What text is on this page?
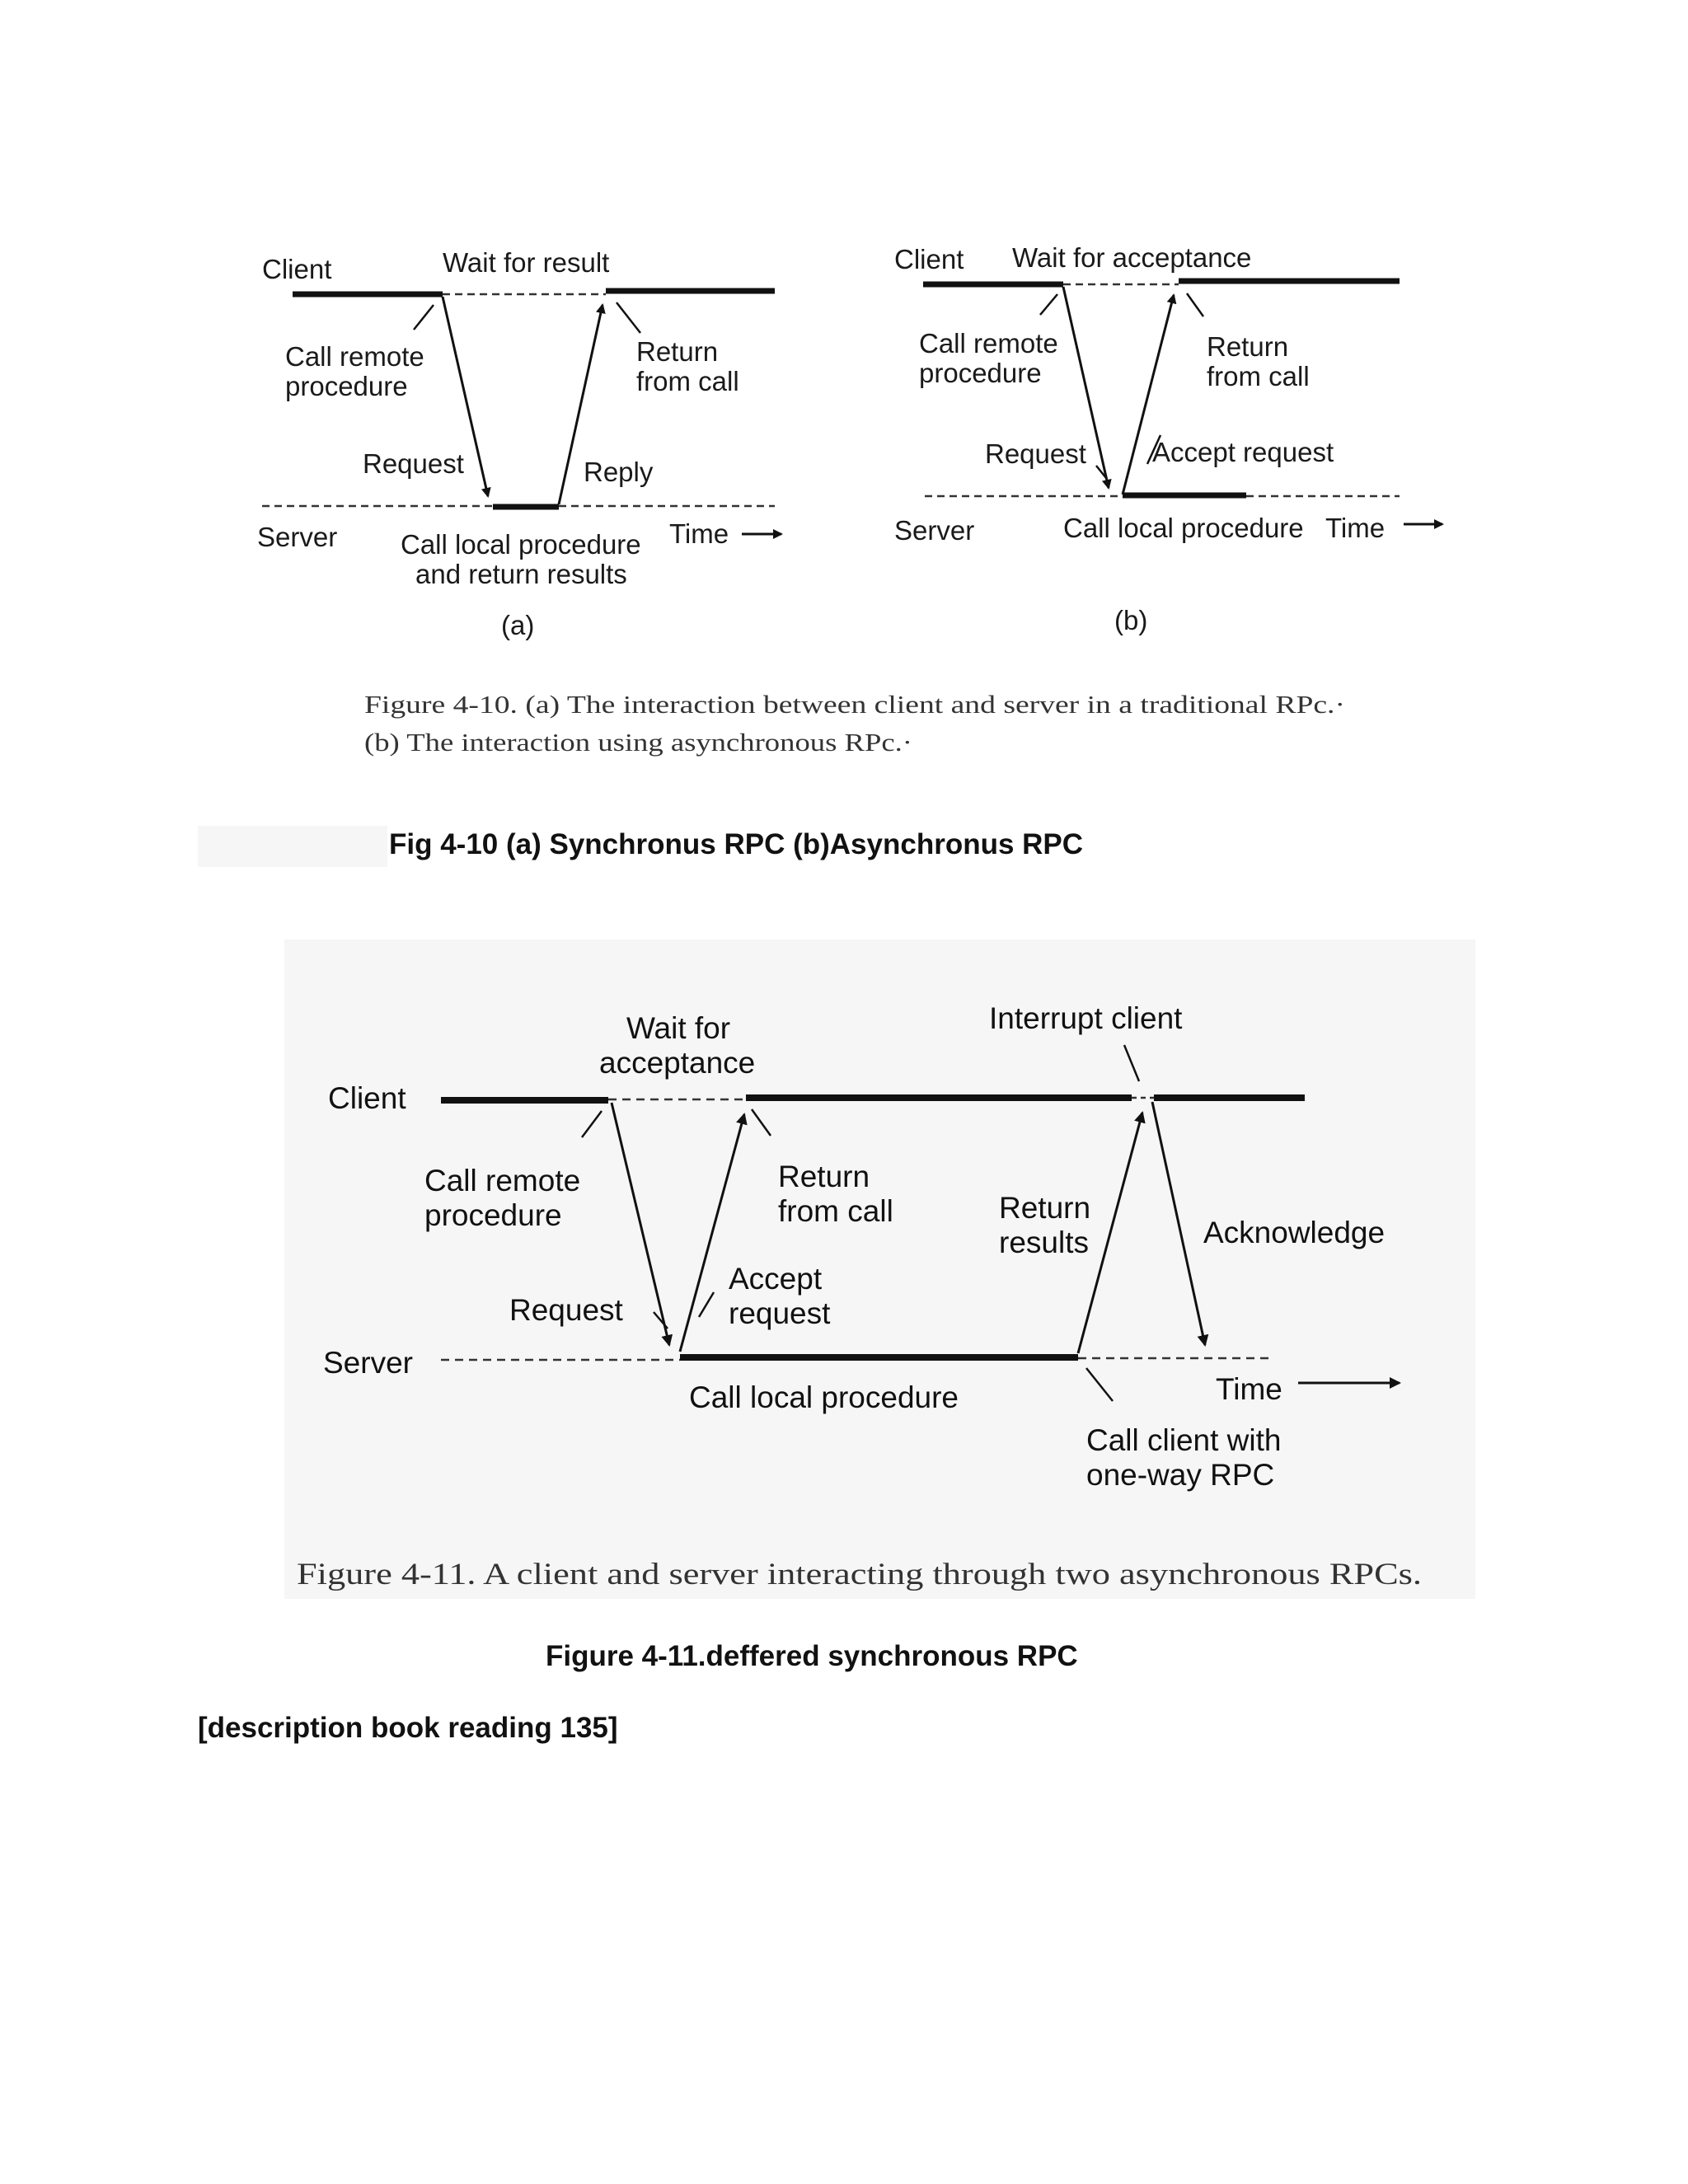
Client	Wait for result
Call remote
procedure
Return
from call
Request	Reply
Server Call local procedure
and return results
Time
(a)
Client Wait for acceptance
Call remote
procedure
Return
from call
Request Accept request
Server	Call local procedure Time
(b)
Figure 4-10. (a) The interaction between client and server in a traditional RPc.·
(b) The interaction using asynchronous RPc.·
Fig 4-10 (a) Synchronus RPC (b)Asynchronus RPC
Client
Wait for
acceptance
Interrupt client
Call remote
procedure
Return
from call	Return
results	Acknowledge
Request
Accept
request
Server
Call local procedure	Time
Call client with
one-way RPC
Figure 4-11. A client and server interacting through two asynchronous RPCs.
Figure 4-11.deffered synchronous RPC
[description book reading 135]
